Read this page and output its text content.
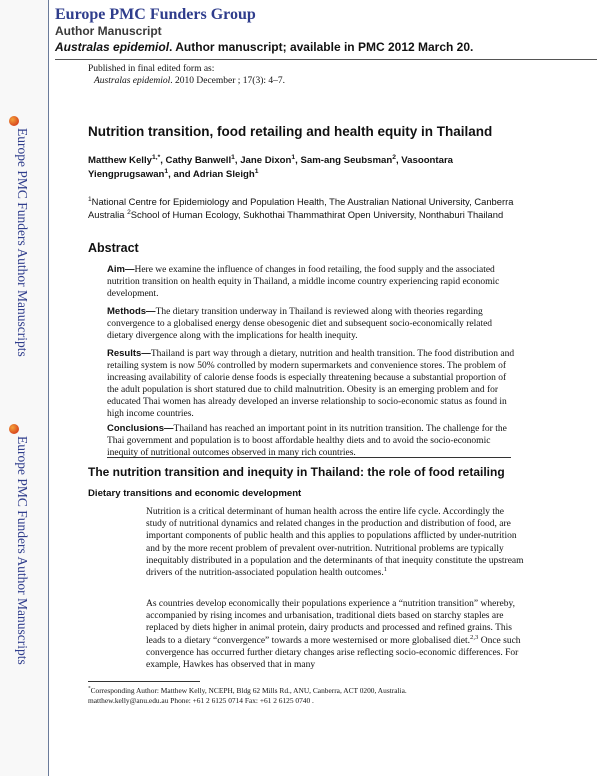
Europe PMC Funders Author Manuscripts
Europe PMC Funders Author Manuscripts
Europe PMC Funders Group
Author Manuscript
Australas epidemiol. Author manuscript; available in PMC 2012 March 20.
Published in final edited form as:
Australas epidemiol. 2010 December ; 17(3): 4–7.
Nutrition transition, food retailing and health equity in Thailand
Matthew Kelly$^{1,*}$, Cathy Banwell$^1$, Jane Dixon$^1$, Sam-ang Seubsman$^2$, Vasoontara Yiengprugsawan$^1$, and Adrian Sleigh$^1$
$^1$National Centre for Epidemiology and Population Health, The Australian National University, Canberra Australia $^2$School of Human Ecology, Sukhothai Thammathirat Open University, Nonthaburi Thailand
Abstract
Aim—Here we examine the influence of changes in food retailing, the food supply and the associated nutrition transition on health equity in Thailand, a middle income country experiencing rapid economic development.
Methods—The dietary transition underway in Thailand is reviewed along with theories regarding convergence to a globalised energy dense obesogenic diet and subsequent socio-economically related dietary divergence along with the implications for health inequity.
Results—Thailand is part way through a dietary, nutrition and health transition. The food distribution and retailing system is now 50% controlled by modern supermarkets and convenience stores. The problem of increasing availability of calorie dense foods is especially threatening because a substantial proportion of the adult population is short statured due to child malnutrition. Obesity is an emerging problem and for educated Thai women has already developed an inverse relationship to socio-economic status as found in high income countries.
Conclusions—Thailand has reached an important point in its nutrition transition. The challenge for the Thai government and population is to boost affordable healthy diets and to avoid the socio-economic inequity of nutritional outcomes observed in many rich countries.
The nutrition transition and inequity in Thailand: the role of food retailing
Dietary transitions and economic development
Nutrition is a critical determinant of human health across the entire life cycle. Accordingly the study of nutritional dynamics and related changes in the production and distribution of food, are important components of public health and this applies to populations afflicted by under-nutrition and by the more recent problem of prevalent over-nutrition. Nutritional problems are typically inequitably distributed in a population and the determinants of that inequity constitute the upstream drivers of the nutrition-associated population health outcomes.$^1$
As countries develop economically their populations experience a “nutrition transition” whereby, accompanied by rising incomes and urbanisation, traditional diets based on starchy staples are replaced by diets higher in animal protein, dairy products and processed and refined grains. This leads to a dietary “convergence” towards a more westernised or more globalised diet.$^{2,3}$ Once such convergence has occurred further dietary changes arise reflecting socio-economic differences. For example, Hawkes has observed that in many
*Corresponding Author: Matthew Kelly, NCEPH, Bldg 62 Mills Rd., ANU, Canberra, ACT 0200, Australia.
matthew.kelly@anu.edu.au Phone: +61 2 6125 0714 Fax: +61 2 6125 0740 .
